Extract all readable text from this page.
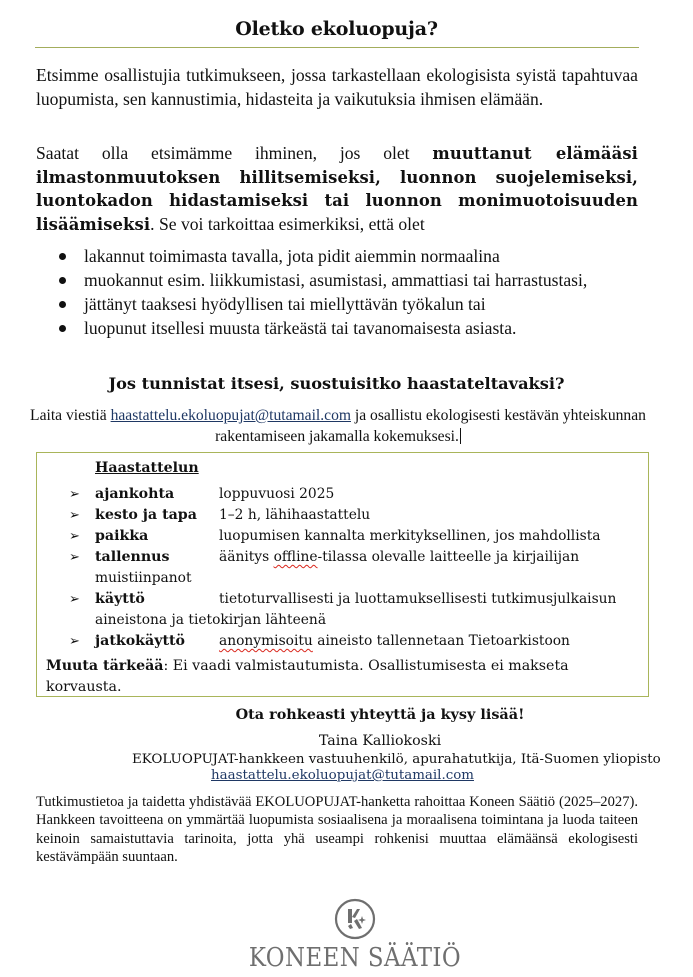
Oletko ekoluopuja?
Etsimme osallistujia tutkimukseen, jossa tarkastellaan ekologisista syistä tapahtuvaa luopumista, sen kannustimia, hidasteita ja vaikutuksia ihmisen elämään.
Saatat olla etsimämme ihminen, jos olet muuttanut elämääsi ilmastonmuutoksen hillitsemiseksi, luonnon suojelemiseksi, luontokadon hidastamiseksi tai luonnon monimuotoisuuden lisäämiseksi. Se voi tarkoittaa esimerkiksi, että olet
lakannut toimimasta tavalla, jota pidit aiemmin normaalina
muokannut esim. liikkumistasi, asumistasi, ammattiasi tai harrastustasi,
jättänyt taaksesi hyödyllisen tai miellyttävän työkalun tai
luopunut itsellesi muusta tärkeästä tai tavanomaisesta asiasta.
Jos tunnistat itsesi, suostuisitko haastateltavaksi?
Laita viestiä haastattelu.ekoluopujat@tutamail.com ja osallistu ekologisesti kestävän yhteiskunnan rakentamiseen jakamalla kokemuksesi.
Haastattelun
➢ ajankohta	loppuvuosi 2025
➢ kesto ja tapa	1–2 h, lähihaastattelu
➢ paikka	luopumisen kannalta merkityksellinen, jos mahdollista
➢ tallennus	äänitys offline-tilassa olevalle laitteelle ja kirjailijan
muistiinpanot
➢ käyttö	tietoturvallisesti ja luottamuksellisesti tutkimusjulkaisun
aineistona ja tietokirjan lähteenä
➢ jatkokäyttö	anonymisoitu aineisto tallennetaan Tietoarkistoon
Muuta tärkeää: Ei vaadi valmistautumista. Osallistumisesta ei makseta korvausta.
Ota rohkeasti yhteyttä ja kysy lisää!
Taina Kalliokoski
EKOLUOPUJAT-hankkeen vastuuhenkilö, apurahatutkija, Itä-Suomen yliopisto
haastattelu.ekoluopujat@tutamail.com
Tutkimustietoa ja taidetta yhdistävää EKOLUOPUJAT-hanketta rahoittaa Koneen Säätiö (2025–2027). Hankkeen tavoitteena on ymmärtää luopumista sosiaalisena ja moraalisena toimintana ja luoda taiteen keinoin samaistuttavia tarinoita, jotta yhä useampi rohkenisi muuttaa elämäänsä ekologisesti kestävämpään suuntaan.
KONEEN SÄÄTIÖ
